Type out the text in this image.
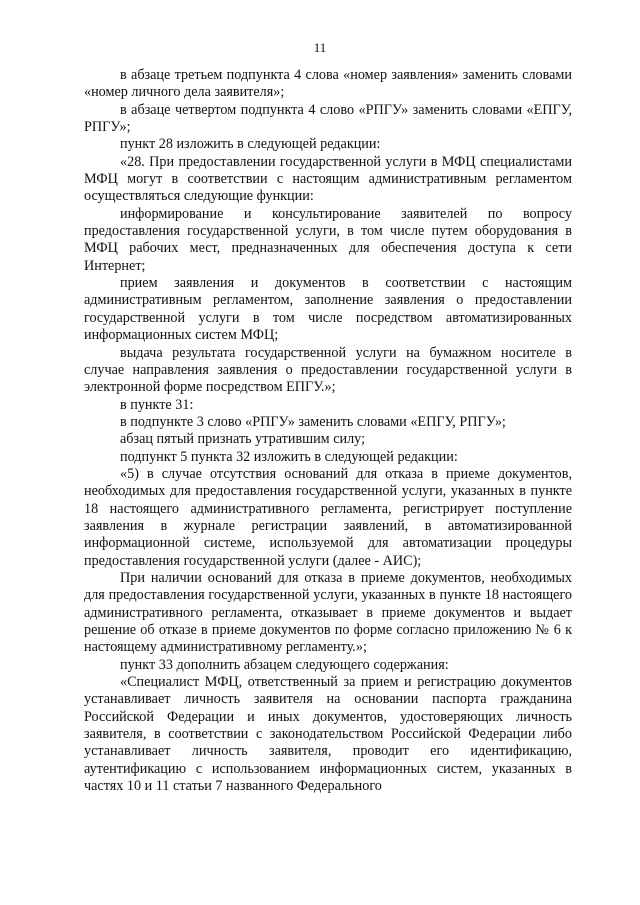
11

в абзаце третьем подпункта 4 слова «номер заявления» заменить словами «номер личного дела заявителя»;

в абзаце четвертом подпункта 4 слово «РПГУ» заменить словами «ЕПГУ, РПГУ»;

пункт 28 изложить в следующей редакции:

«28. При предоставлении государственной услуги в МФЦ специалистами МФЦ могут в соответствии с настоящим административным регламентом осуществляться следующие функции:

информирование и консультирование заявителей по вопросу предоставления государственной услуги, в том числе путем оборудования в МФЦ рабочих мест, предназначенных для обеспечения доступа к сети Интернет;

прием заявления и документов в соответствии с настоящим административным регламентом, заполнение заявления о предоставлении государственной услуги в том числе посредством автоматизированных информационных систем МФЦ;

выдача результата государственной услуги на бумажном носителе в случае направления заявления о предоставлении государственной услуги в электронной форме посредством ЕПГУ.»;

в пункте 31:

в подпункте 3 слово «РПГУ» заменить словами «ЕПГУ, РПГУ»;

абзац пятый признать утратившим силу;

подпункт 5 пункта 32 изложить в следующей редакции:

«5) в случае отсутствия оснований для отказа в приеме документов, необходимых для предоставления государственной услуги, указанных в пункте 18 настоящего административного регламента, регистрирует поступление заявления в журнале регистрации заявлений, в автоматизированной информационной системе, используемой для автоматизации процедуры предоставления государственной услуги (далее - АИС);

При наличии оснований для отказа в приеме документов, необходимых для предоставления государственной услуги, указанных в пункте 18 настоящего административного регламента, отказывает в приеме документов и выдает решение об отказе в приеме документов по форме согласно приложению № 6 к настоящему административному регламенту.»;

пункт 33 дополнить абзацем следующего содержания:

«Специалист МФЦ, ответственный за прием и регистрацию документов устанавливает личность заявителя на основании паспорта гражданина Российской Федерации и иных документов, удостоверяющих личность заявителя, в соответствии с законодательством Российской Федерации либо устанавливает личность заявителя, проводит его идентификацию, аутентификацию с использованием информационных систем, указанных в частях 10 и 11 статьи 7 названного Федерального
